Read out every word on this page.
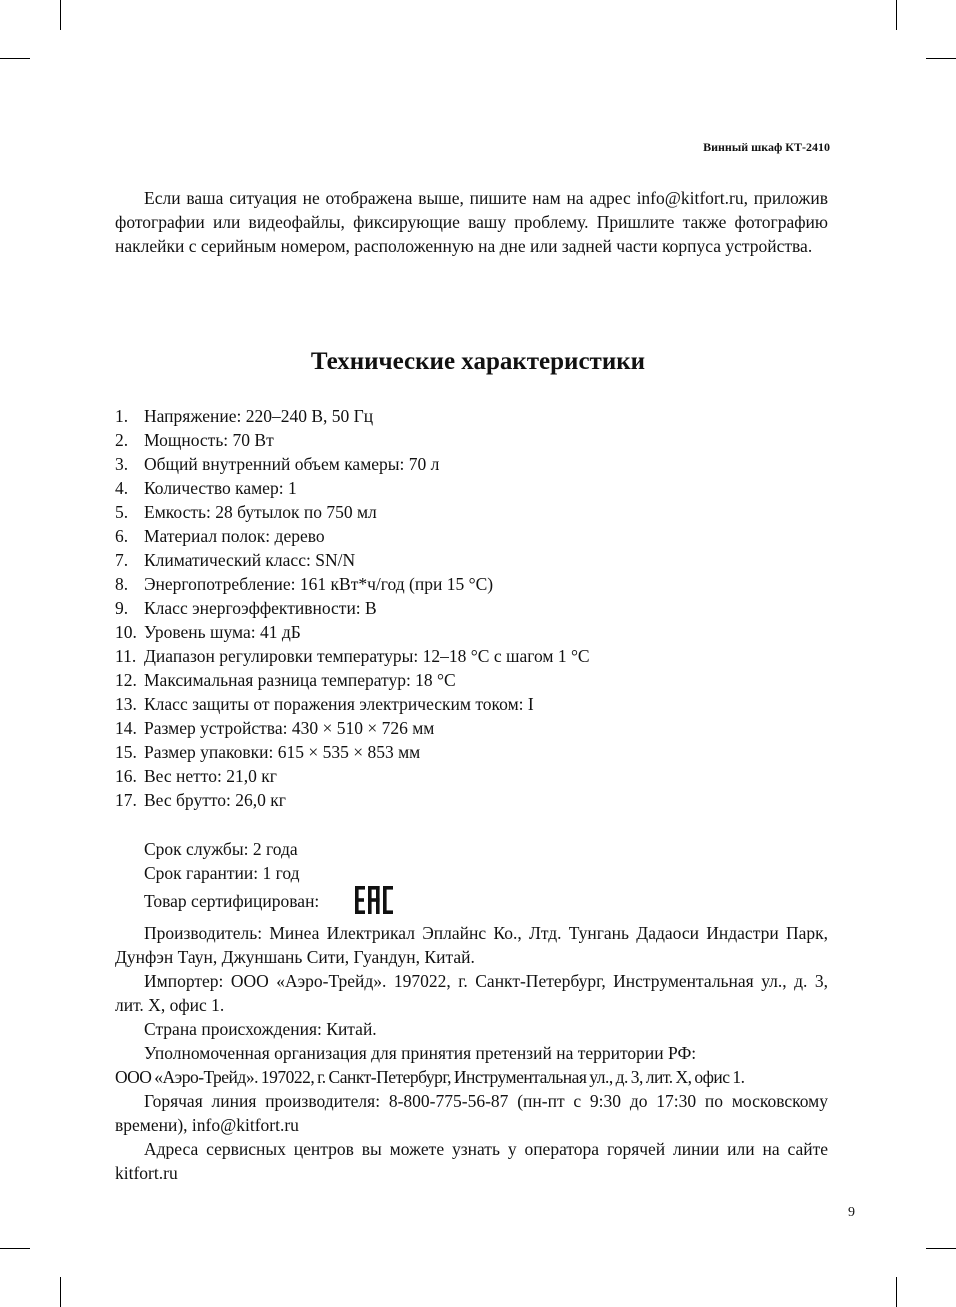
Винный шкаф КТ-2410

Если ваша ситуация не отображена выше, пишите нам на адрес info@kitfort.ru, приложив фотографии или видеофайлы, фиксирующие вашу проблему. Пришлите также фотографию наклейки с серийным номером, расположенную на дне или задней части корпуса устройства.

Технические характеристики
1. Напряжение: 220–240 В, 50 Гц
2. Мощность: 70 Вт
3. Общий внутренний объем камеры: 70 л
4. Количество камер: 1
5. Емкость: 28 бутылок по 750 мл
6. Материал полок: дерево
7. Климатический класс: SN/N
8. Энергопотребление: 161 кВт*ч/год (при 15 °С)
9. Класс энергоэффективности: B
10. Уровень шума: 41 дБ
11. Диапазон регулировки температуры: 12–18 °С с шагом 1 °С
12. Максимальная разница температур: 18 °С
13. Класс защиты от поражения электрическим током: I
14. Размер устройства: 430 × 510 × 726 мм
15. Размер упаковки: 615 × 535 × 853 мм
16. Вес нетто: 21,0 кг
17. Вес брутто: 26,0 кг

Срок службы: 2 года

Срок гарантии: 1 год

Товар сертифицирован:

Производитель: Минеа Илектрикал Эплайнс Ко., Лтд. Тунгань Дадаоси Индастри Парк, Дунфэн Таун, Джуншань Сити, Гуандун, Китай.

Импортер: ООО «Аэро-Трейд». 197022, г. Санкт-Петербург, Инструментальная ул., д. 3, лит. Х, офис 1.

Страна происхождения: Китай.

Уполномоченная организация для принятия претензий на территории РФ:

ООО «Аэро-Трейд». 197022, г. Санкт-Петербург, Инструментальная ул., д. 3, лит. Х, офис 1.

Горячая линия производителя: 8-800-775-56-87 (пн-пт с 9:30 до 17:30 по московскому времени), info@kitfort.ru

Адреса сервисных центров вы можете узнать у оператора горячей линии или на сайте kitfort.ru

9
